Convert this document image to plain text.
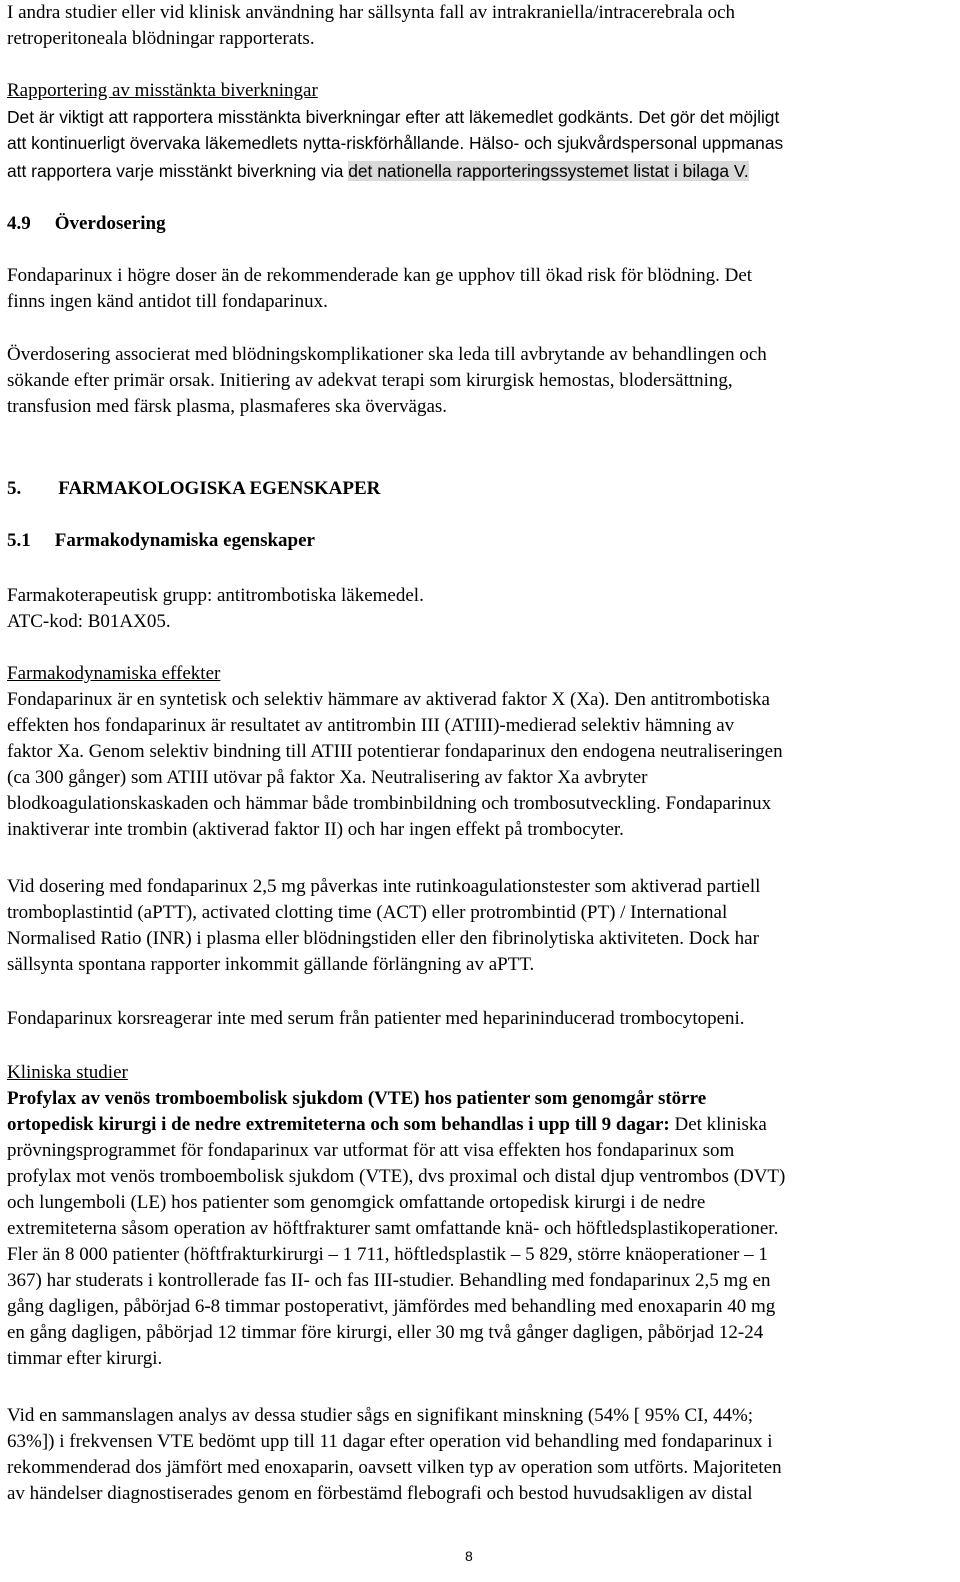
I andra studier eller vid klinisk användning har sällsynta fall av intrakraniella/intracerebrala och
retroperitoneala blödningar rapporterats.
Rapportering av misstänkta biverkningar
Det är viktigt att rapportera misstänkta biverkningar efter att läkemedlet godkänts. Det gör det möjligt
att kontinuerligt övervaka läkemedlets nytta-riskförhållande. Hälso- och sjukvårdspersonal uppmanas
att rapportera varje misstänkt biverkning via det nationella rapporteringssystemet listat i bilaga V.
4.9 Överdosering
Fondaparinux i högre doser än de rekommenderade kan ge upphov till ökad risk för blödning. Det
finns ingen känd antidot till fondaparinux.
Överdosering associerat med blödningskomplikationer ska leda till avbrytande av behandlingen och
sökande efter primär orsak. Initiering av adekvat terapi som kirurgisk hemostas, blodersättning,
transfusion med färsk plasma, plasmaferes ska övervägas.
5. FARMAKOLOGISKA EGENSKAPER
5.1 Farmakodynamiska egenskaper
Farmakoterapeutisk grupp: antitrombotiska läkemedel.
ATC-kod: B01AX05.
Farmakodynamiska effekter
Fondaparinux är en syntetisk och selektiv hämmare av aktiverad faktor X (Xa). Den antitrombotiska
effekten hos fondaparinux är resultatet av antitrombin III (ATIII)-medierad selektiv hämning av
faktor Xa. Genom selektiv bindning till ATIII potentierar fondaparinux den endogena neutraliseringen
(ca 300 gånger) som ATIII utövar på faktor Xa. Neutralisering av faktor Xa avbryter
blodkoagulationskaskaden och hämmar både trombinbildning och trombosutveckling. Fondaparinux
inaktiverar inte trombin (aktiverad faktor II) och har ingen effekt på trombocyter.
Vid dosering med fondaparinux 2,5 mg påverkas inte rutinkoagulationstester som aktiverad partiell
tromboplastintid (aPTT), activated clotting time (ACT) eller protrombintid (PT) / International
Normalised Ratio (INR) i plasma eller blödningstiden eller den fibrinolytiska aktiviteten. Dock har
sällsynta spontana rapporter inkommit gällande förlängning av aPTT.
Fondaparinux korsreagerar inte med serum från patienter med heparininducerad trombocytopeni.
Kliniska studier
Profylax av venös tromboembolisk sjukdom (VTE) hos patienter som genomgår större
ortopedisk kirurgi i de nedre extremiteterna och som behandlas i upp till 9 dagar: Det kliniska
prövningsprogrammet för fondaparinux var utformat för att visa effekten hos fondaparinux som
profylax mot venös tromboembolisk sjukdom (VTE), dvs proximal och distal djup ventrombos (DVT)
och lungemboli (LE) hos patienter som genomgick omfattande ortopedisk kirurgi i de nedre
extremiteterna såsom operation av höftfrakturer samt omfattande knä- och höftledsplastikoperationer.
Fler än 8 000 patienter (höftfrakturkirurgi – 1 711, höftledsplastik – 5 829, större knäoperationer – 1
367) har studerats i kontrollerade fas II- och fas III-studier. Behandling med fondaparinux 2,5 mg en
gång dagligen, påbörjad 6-8 timmar postoperativt, jämfördes med behandling med enoxaparin 40 mg
en gång dagligen, påbörjad 12 timmar före kirurgi, eller 30 mg två gånger dagligen, påbörjad 12-24
timmar efter kirurgi.
Vid en sammanslagen analys av dessa studier sågs en signifikant minskning (54% [ 95% CI, 44%;
63%]) i frekvensen VTE bedömt upp till 11 dagar efter operation vid behandling med fondaparinux i
rekommenderad dos jämfört med enoxaparin, oavsett vilken typ av operation som utförts. Majoriteten
av händelser diagnostiserades genom en förbestämd flebografi och bestod huvudsakligen av distal
8
